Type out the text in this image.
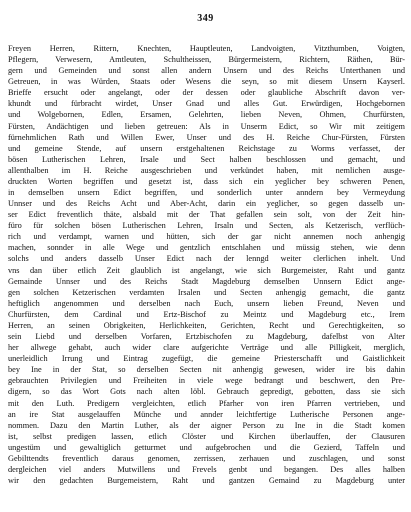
349
Freyen Herren, Rittern, Knechten, Hauptleuten, Landvoigten, Vitzthumben, Voigten,
Pflegern, Verwesern, Amtleuten, Schultheissen, Bürgermeistern, Richtern, Räthen, Bür-
gern und Gemeinden und sonst allen andern Unsern und des Reichs Unterthanen und
Getreuen, in was Würden, Staats oder Wesens die seyn, so mit diesem Unsern Kayserl.
Brieffe ersucht oder angelangt, oder der dessen oder glaubliche Abschrift davon ver-
khundt und fürbracht wirdet, Unser Gnad und alles Gut. Erwürdigen, Hochgebornen
und Wolgebornen, Edlen, Ersamen, Gelehrten, lieben Neven, Ohmen, Churfürsten,
Fürsten, Andächtigen und lieben getreuen: Als in Unserm Edict, so Wir mit zeitigem
fürnehmlichen Rath und Willen Ewer, Unser und des H. Reiche Chur-Fürsten, Fürsten
und gemeine Stende, auf unsern erstgehaltenen Reichstage zu Worms verfasset, der
bösen Lutherischen Lehren, Irsale und Sect halben beschlossen und gemacht, und
allenthalben im H. Reiche ausgeschrieben und verkündet haben, mit nemlichen ausge-
druckten Worten begriffen und gesetzt ist, dass sich ein yeglicher bey schweren Penen,
in demselben unsern Edict begriffen, und sonderlich unter anndern bey Vermeydung
Unnser und des Reichs Acht und Aber-Acht, darin ein yeglicher, so gegen dasselb un-
ser Edict freventlich thäte, alsbald mit der That gefallen sein solt, von der Zeit hin-
füro für solchen bösen Lutherischen Lehren, Irsaln und Secten, als Ketzerisch, verflüch-
rich und verdampt, warnen und hütten, sich der gar nicht annemen noch anhengig
machen, sonnder in alle Wege und gentzlich entschlahen und müssig stehen, wie denn
solchs und anders dasselb Unser Edict nach der lenngd weiter clerlichen inhelt. Und
vns dan über etlich Zeit glaublich ist angelangt, wie sich Burgemeister, Raht und gantz
Gemainde Unnser und des Reichs Stadt Magdeburg demselben Unnsern Edict ange-
gen solchen Ketzerischen verdamten Irsalen und Secten anhengig gemacht, die gantz
heftiglich angenommen und derselben nach Euch, unsern lieben Freund, Neven und
Churfürsten, dem Cardinal und Ertz-Bischof zu Meintz und Magdeburg etc., Irem
Herren, an seinen Obrigkeiten, Herlichkeiten, Gerichten, Recht und Gerechtigkeiten, so
sein Liebd und derselben Vorfaren, Ertzbischofen zu Magdeburg, dafelbst von Alter
her allwege gehabt, auch wider clare aufgerichte Verträge und alle Pilligkeit, merglich,
unerleidlich Irrung und Eintrag zugefügt, die gemeine Priesterschafft und Gaistlichkeit
bey Ine in der Stat, so derselben Secten nit anhengig gewesen, wider ire bis dahin
gebrauchten Privilegien und Freiheiten in viele wege bedrangt und beschwert, den Pre-
digern, so das Wort Gots nach alten löbl. Gebrauch gepredigt, gebotten, dass sie sich
mit den Luth. Predigern vergleichten, etlich Pfarher von iren Pfarren vertrieben, und
an ire Stat ausgelauffen Münche und annder leichtfertige Lutherische Personen ange-
nommen. Dazu den Martin Luther, als der aigner Person zu Ine in die Stadt komen
ist, selbst predigen lassen, etlich Clöster und Kirchen überlauffen, der Clausuren
ungestüm und gewaltiglich getturmet und aufgebrochen und die Gezierd, Taffeln und
Gebilttendts freventlich daraus genomen, zerrissen, zerhauen und zuschlagen, und sonst
dergleichen viel anders Mutwillens und Frevels genbt und begangen. Des alles halben
wir den gedachten Burgemeistern, Raht und gantzen Gemaind zu Magdeburg unter
